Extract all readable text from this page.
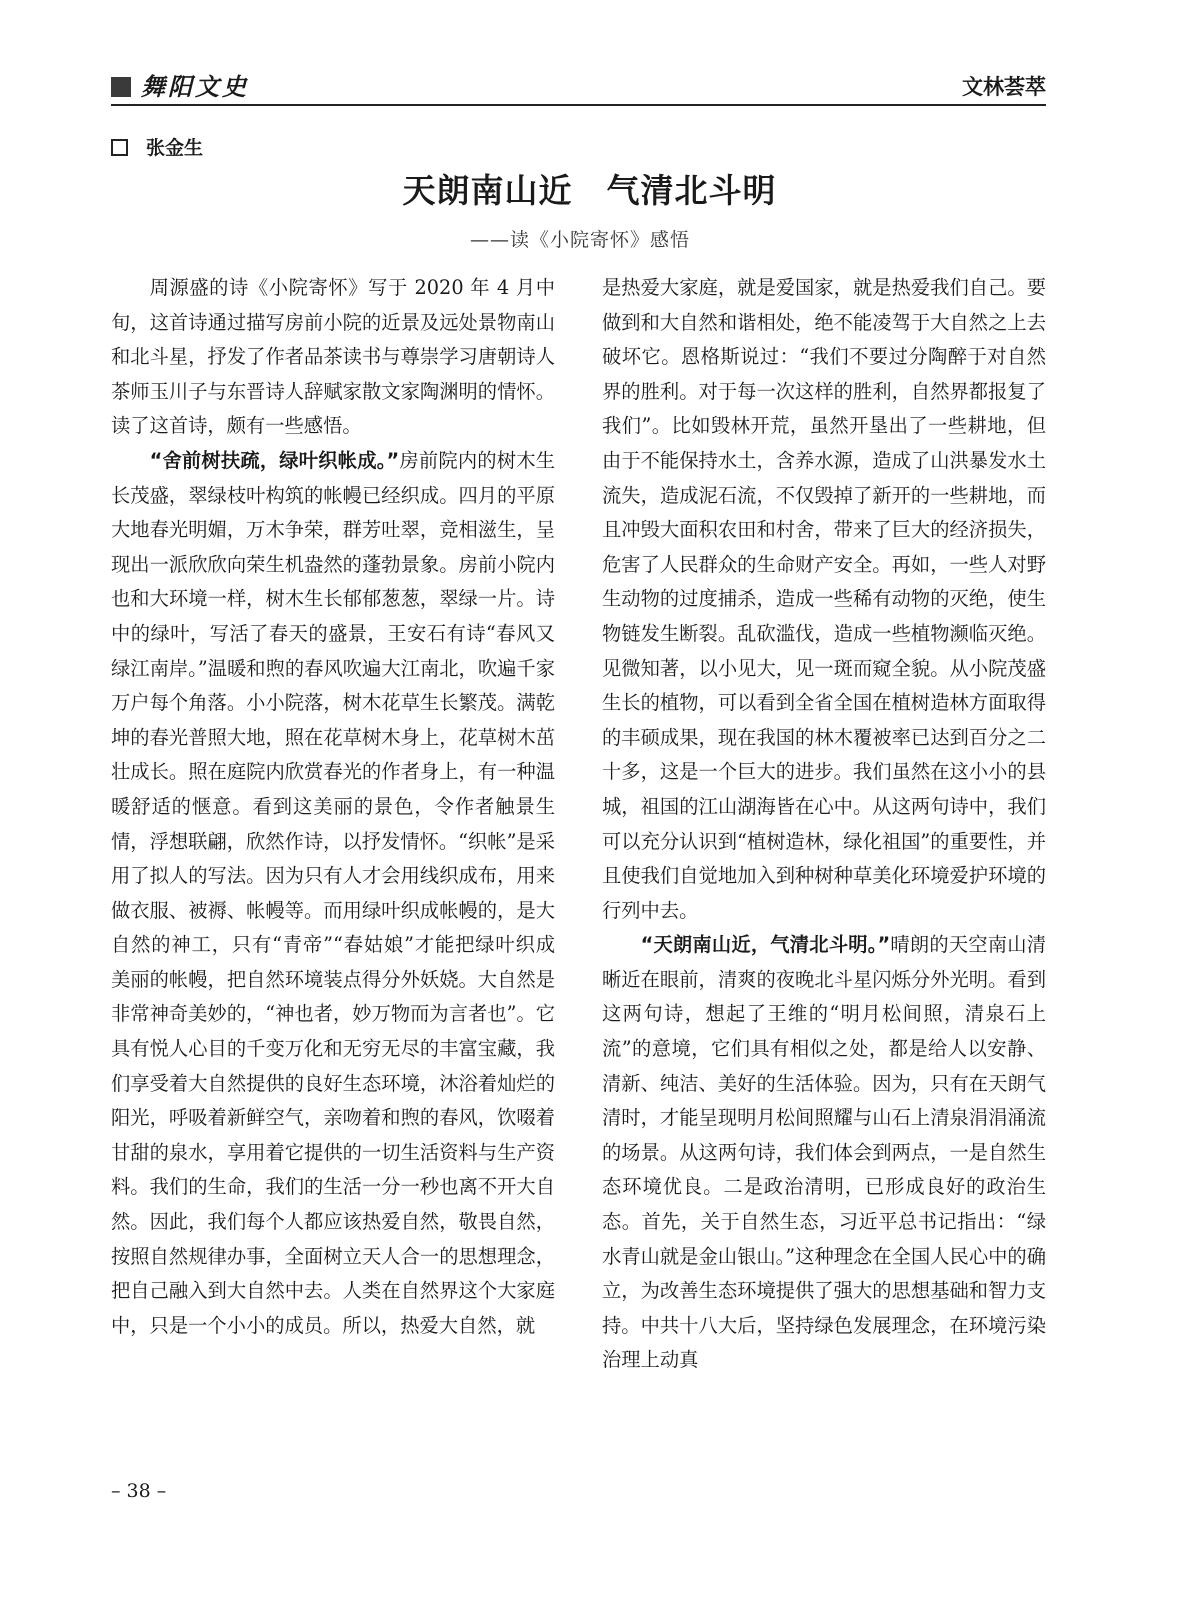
舞阳文史	文林荟萃
张金生
天朗南山近　气清北斗明
——读《小院寄怀》感悟

周源盛的诗《小院寄怀》写于 2020 年 4 月中旬，这首诗通过描写房前小院的近景及远处景物南山和北斗星，抒发了作者品茶读书与尊崇学习唐朝诗人茶师玉川子与东晋诗人辞赋家散文家陶渊明的情怀。读了这首诗，颇有一些感悟。

“舍前树扶疏，绿叶织帐成。”房前院内的树木生长茂盛，翠绿枝叶构筑的帐幔已经织成。四月的平原大地春光明媚，万木争荣，群芳吐翠，竞相滋生，呈现出一派欣欣向荣生机盎然的蓬勃景象。房前小院内也和大环境一样，树木生长郁郁葱葱，翠绿一片。诗中的绿叶，写活了春天的盛景，王安石有诗“春风又绿江南岸。”温暖和煦的春风吹遍大江南北，吹遍千家万户每个角落。小小院落，树木花草生长繁茂。满乾坤的春光普照大地，照在花草树木身上，花草树木茁壮成长。照在庭院内欣赏春光的作者身上，有一种温暖舒适的惬意。看到这美丽的景色，令作者触景生情，浮想联翩，欣然作诗，以抒发情怀。“织帐”是采用了拟人的写法。因为只有人才会用线织成布，用来做衣服、被褥、帐幔等。而用绿叶织成帐幔的，是大自然的神工，只有“青帝”“春姑娘”才能把绿叶织成美丽的帐幔，把自然环境装点得分外妖娆。大自然是非常神奇美妙的，“神也者，妙万物而为言者也”。它具有悦人心目的千变万化和无穷无尽的丰富宝藏，我们享受着大自然提供的良好生态环境，沐浴着灿烂的阳光，呼吸着新鲜空气，亲吻着和煦的春风，饮啜着甘甜的泉水，享用着它提供的一切生活资料与生产资料。我们的生命，我们的生活一分一秒也离不开大自然。因此，我们每个人都应该热爱自然，敬畏自然，按照自然规律办事，全面树立天人合一的思想理念，把自己融入到大自然中去。人类在自然界这个大家庭中，只是一个小小的成员。所以，热爱大自然，就

是热爱大家庭，就是爱国家，就是热爱我们自己。要做到和大自然和谐相处，绝不能凌驾于大自然之上去破坏它。恩格斯说过：“我们不要过分陶醉于对自然界的胜利。对于每一次这样的胜利，自然界都报复了我们”。比如毁林开荒，虽然开垦出了一些耕地，但由于不能保持水土，含养水源，造成了山洪暴发水土流失，造成泥石流，不仅毁掉了新开的一些耕地，而且冲毁大面积农田和村舍，带来了巨大的经济损失，危害了人民群众的生命财产安全。再如，一些人对野生动物的过度捕杀，造成一些稀有动物的灭绝，使生物链发生断裂。乱砍滥伐，造成一些植物濒临灭绝。见微知著，以小见大，见一斑而窥全貌。从小院茂盛生长的植物，可以看到全省全国在植树造林方面取得的丰硕成果，现在我国的林木覆被率已达到百分之二十多，这是一个巨大的进步。我们虽然在这小小的县城，祖国的江山湖海皆在心中。从这两句诗中，我们可以充分认识到“植树造林，绿化祖国”的重要性，并且使我们自觉地加入到种树种草美化环境爱护环境的行列中去。

“天朗南山近，气清北斗明。”晴朗的天空南山清晰近在眼前，清爽的夜晚北斗星闪烁分外光明。看到这两句诗，想起了王维的“明月松间照，清泉石上流”的意境，它们具有相似之处，都是给人以安静、清新、纯洁、美好的生活体验。因为，只有在天朗气清时，才能呈现明月松间照耀与山石上清泉涓涓涌流的场景。从这两句诗，我们体会到两点，一是自然生态环境优良。二是政治清明，已形成良好的政治生态。首先，关于自然生态，习近平总书记指出：“绿水青山就是金山银山。”这种理念在全国人民心中的确立，为改善生态环境提供了强大的思想基础和智力支持。中共十八大后，坚持绿色发展理念，在环境污染治理上动真

– 38 –
